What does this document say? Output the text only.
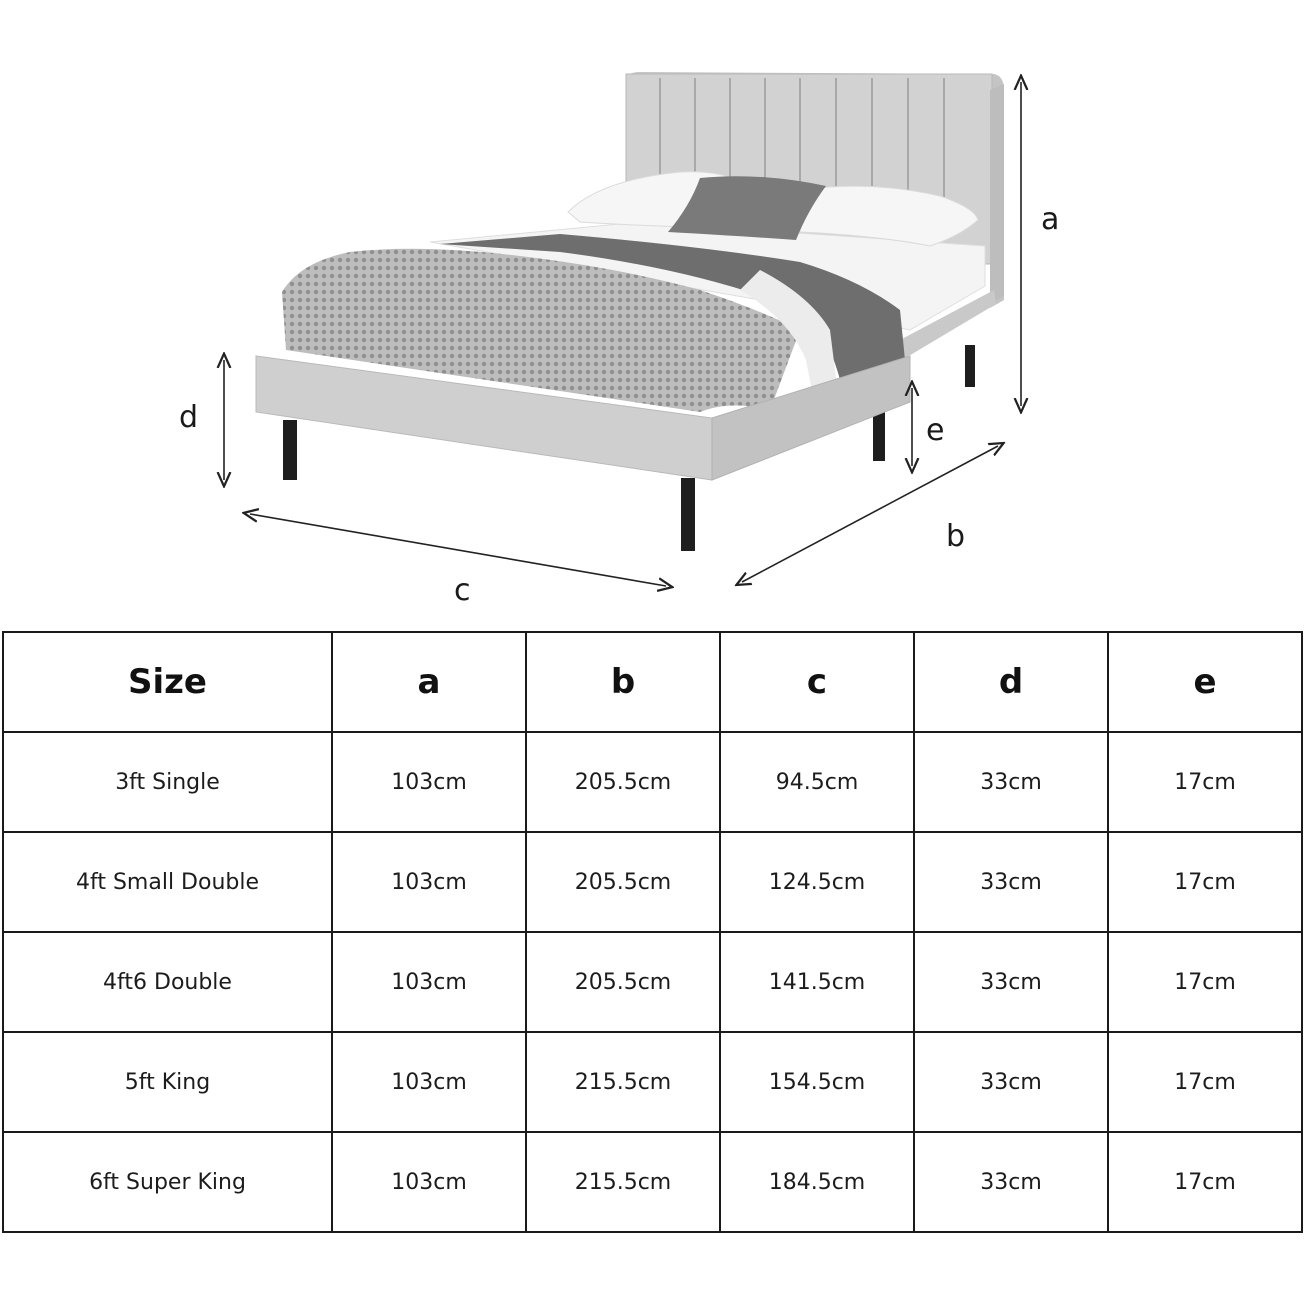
a
b
c
d	e
Size	a	b	c	d	e
3ft Single	103cm	205.5cm	94.5cm	33cm	17cm
4ft Small Double	103cm	205.5cm	124.5cm	33cm	17cm
4ft6 Double	103cm	205.5cm	141.5cm	33cm	17cm
5ft King	103cm	215.5cm	154.5cm	33cm	17cm
6ft Super King	103cm	215.5cm	184.5cm	33cm	17cm
